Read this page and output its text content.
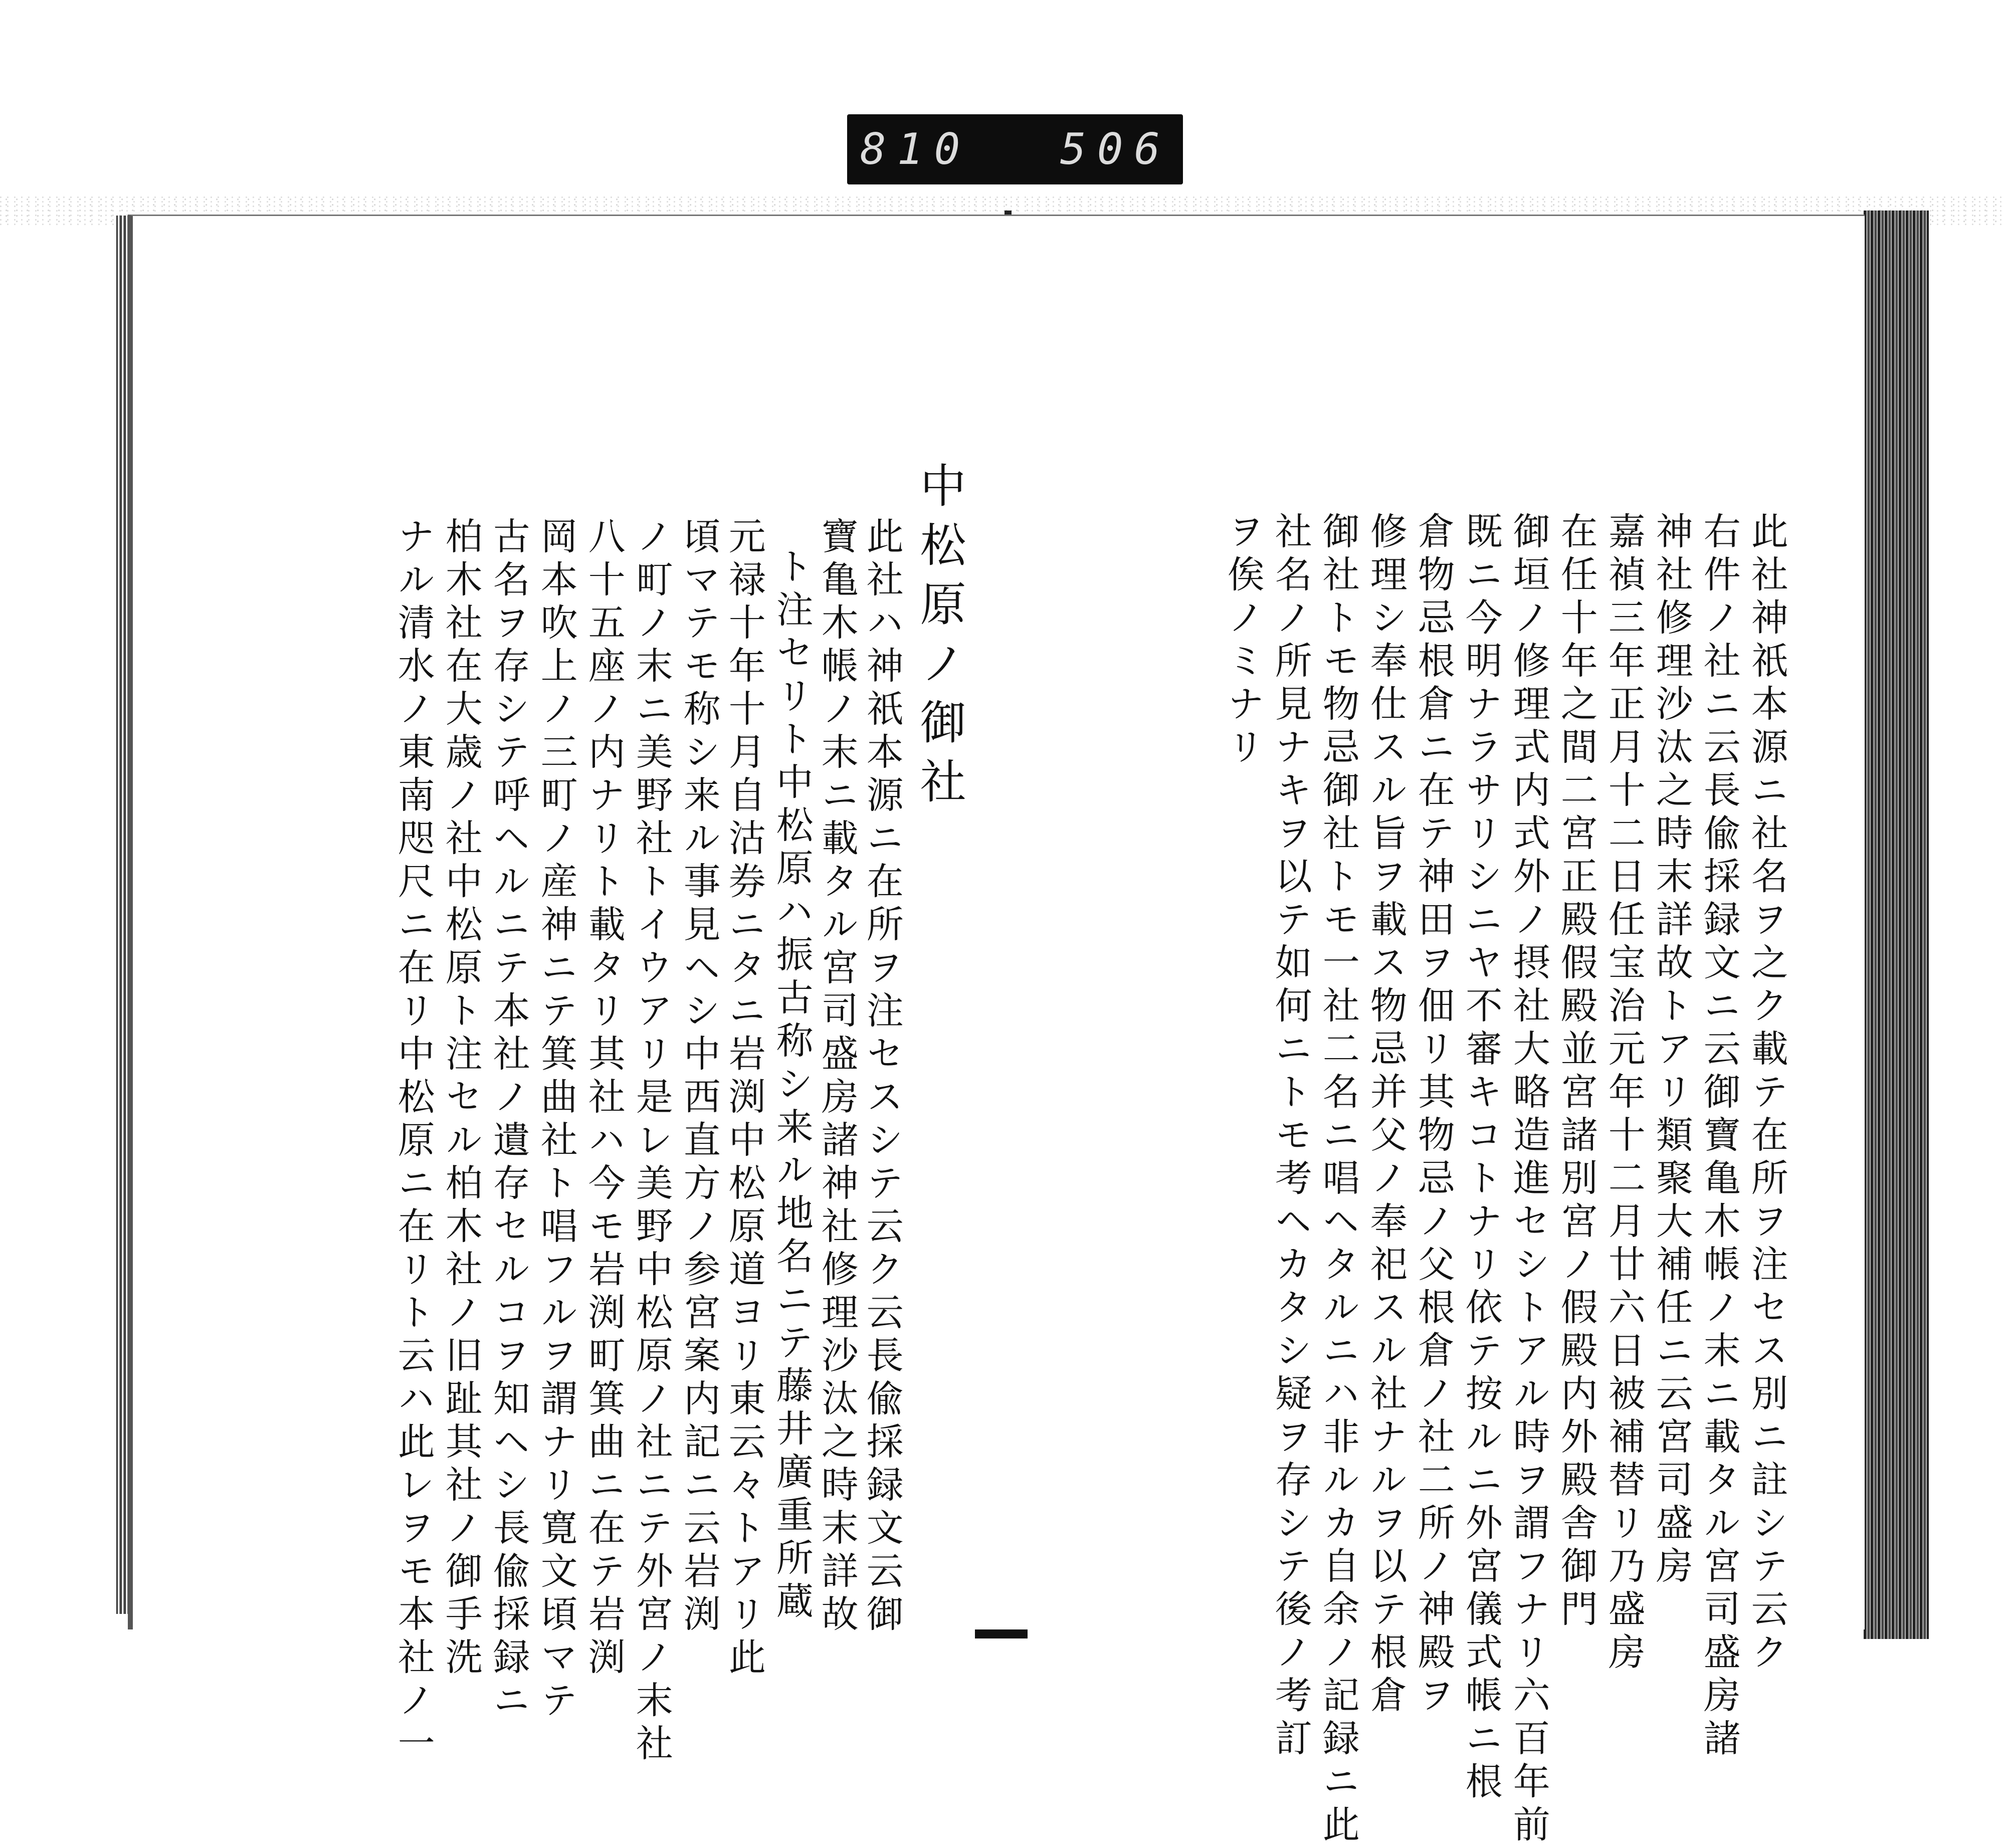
810 506
中松原ノ御社
此社ハ神祇本源ニ在所ヲ注セスシテ云ク云長偸採録文云御
寶亀木帳ノ末ニ載タル宮司盛房諸神社修理沙汰之時末詳故
ト注セリト中松原ハ振古称シ来ル地名ニテ藤井廣重所蔵
元禄十年十月自沽券ニタニ岩渕中松原道ヨリ東云々トアリ此
頃マテモ称シ来ル事見ヘシ中西直方ノ参宮案内記ニ云岩渕
ノ町ノ末ニ美野社トイウアリ是レ美野中松原ノ社ニテ外宮ノ末社
八十五座ノ内ナリト載タリ其社ハ今モ岩渕町箕曲ニ在テ岩渕
岡本吹上ノ三町ノ産神ニテ箕曲社ト唱フルヲ謂ナリ寛文頃マテ
古名ヲ存シテ呼ヘルニテ本社ノ遺存セルコヲ知ヘシ長偸採録ニ
柏木社在大歳ノ社中松原ト注セル柏木社ノ旧趾其社ノ御手洗
ナル清水ノ東南咫尺ニ在リ中松原ニ在リト云ハ此レヲモ本社ノ一	此社神祇本源ニ社名ヲ之ク載テ在所ヲ注セス別ニ註シテ云ク
右件ノ社ニ云長偸採録文ニ云御寶亀木帳ノ末ニ載タル宮司盛房諸
神社修理沙汰之時末詳故トアリ類聚大補任ニ云宮司盛房
嘉禎三年正月十二日任宝治元年十二月廿六日被補替リ乃盛房
在任十年之間二宮正殿假殿並宮諸別宮ノ假殿内外殿舎御門
御垣ノ修理式内式外ノ摂社大略造進セシトアル時ヲ謂フナリ六百年前
既ニ今明ナラサリシニヤ不審キコトナリ依テ按ルニ外宮儀式帳ニ根
倉物忌根倉ニ在テ神田ヲ佃リ其物忌ノ父根倉ノ社二所ノ神殿ヲ
修理シ奉仕スル旨ヲ載ス物忌并父ノ奉祀スル社ナルヲ以テ根倉
御社トモ物忌御社トモ一社二名ニ唱ヘタルニハ非ルカ自余ノ記録ニ此
社名ノ所見ナキヲ以テ如何ニトモ考ヘカタシ疑ヲ存シテ後ノ考訂
ヲ俟ノミナリ
